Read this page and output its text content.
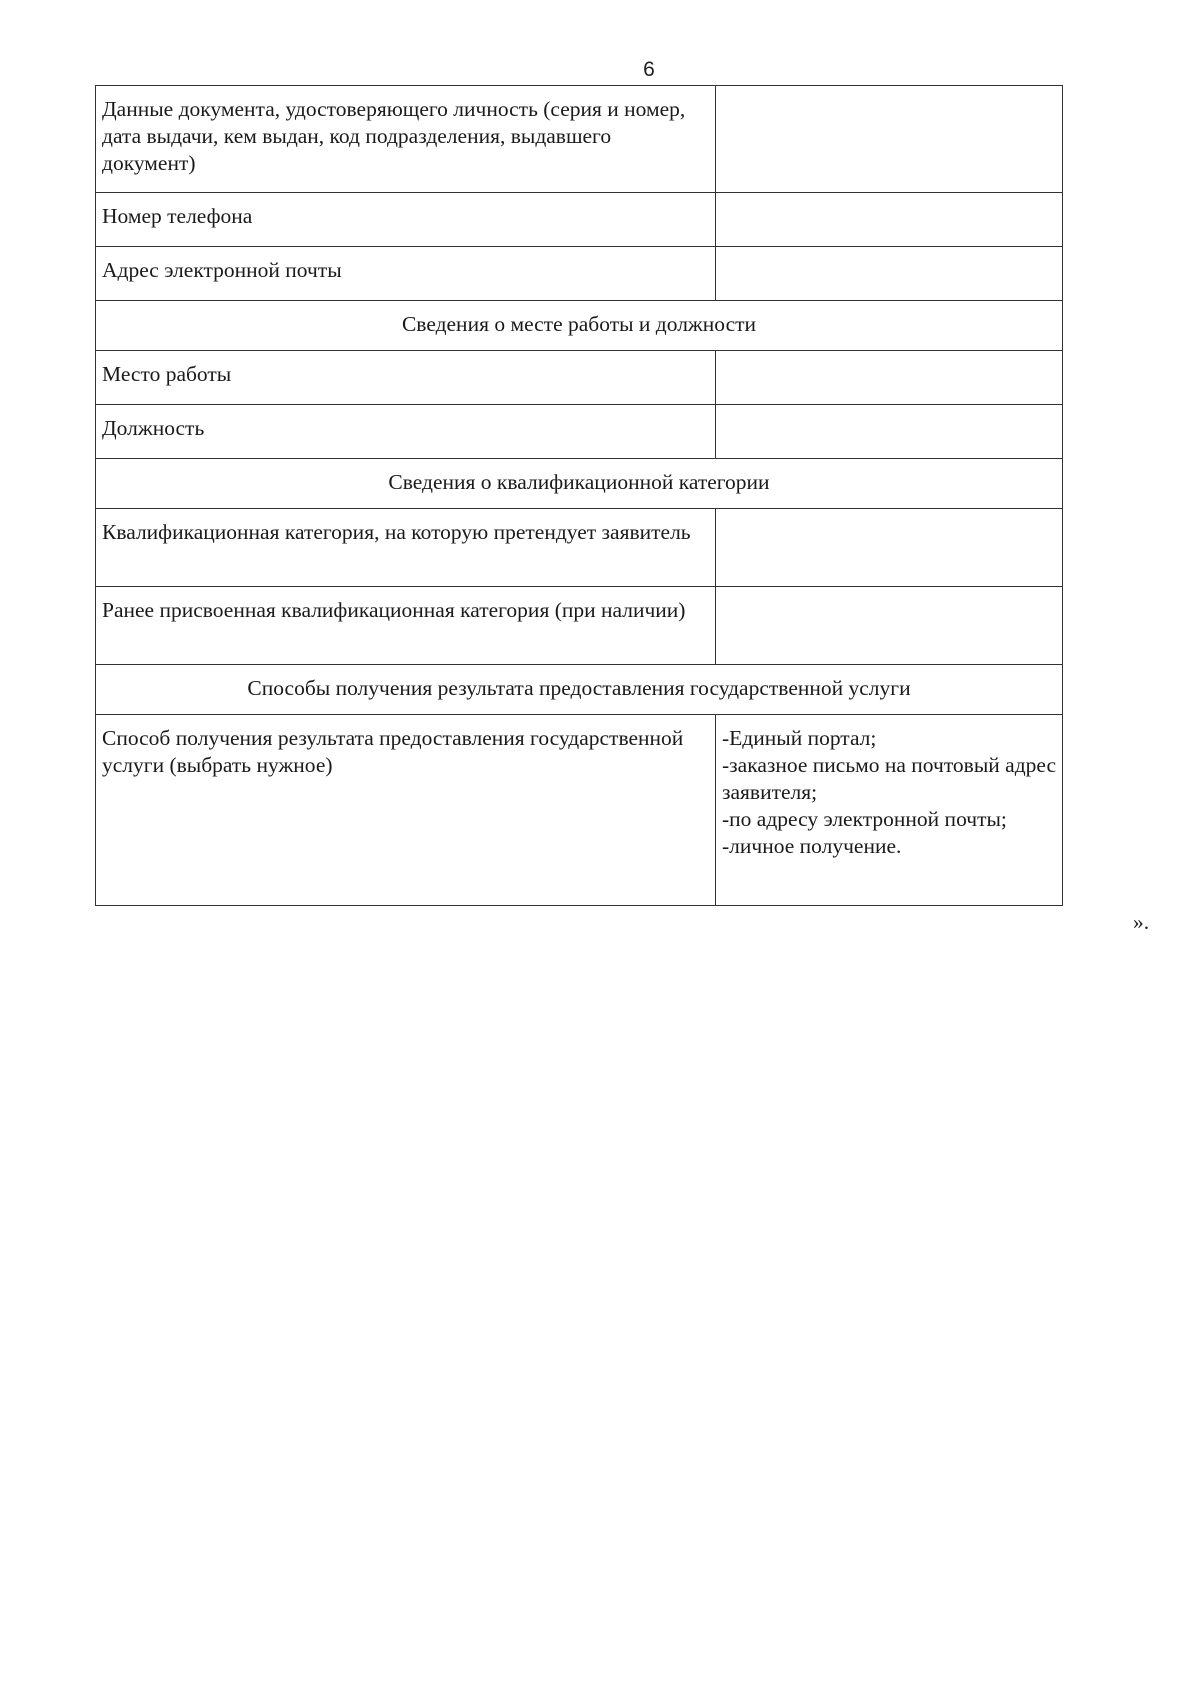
6
Данные документа, удостоверяющего личность (серия и номер, дата выдачи, кем выдан, код подразделения, выдавшего документ)	
Номер телефона	
Адрес электронной почты	
Сведения о месте работы и должности	
Место работы	
Должность	
Сведения о квалификационной категории	
Квалификационная категория, на которую претендует заявитель	
Ранее присвоенная квалификационная категория (при наличии)	
Способы получения результата предоставления государственной услуги	
Способ получения результата предоставления государственной услуги (выбрать нужное)	-Единый портал;
-заказное письмо на почтовый адрес заявителя;
-по адресу электронной почты;
-личное получение.
».
